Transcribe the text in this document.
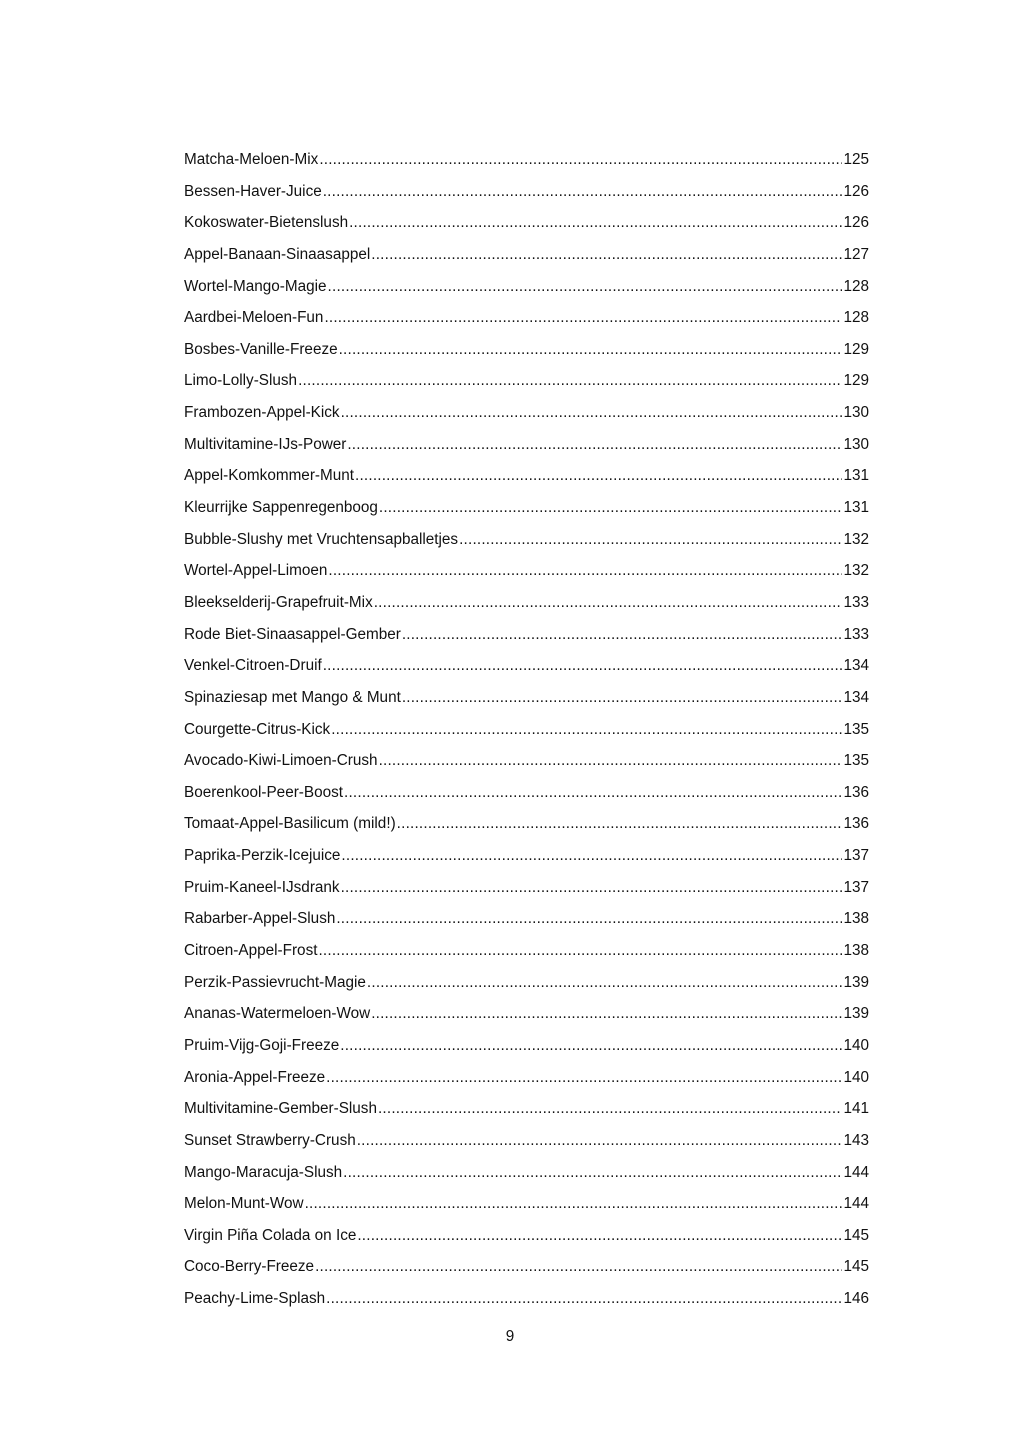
Matcha-Meloen-Mix .....	125
Bessen-Haver-Juice .....	126
Kokoswater-Bietenslush .....	126
Appel-Banaan-Sinaasappel .....	127
Wortel-Mango-Magie .....	128
Aardbei-Meloen-Fun .....	128
Bosbes-Vanille-Freeze .....	129
Limo-Lolly-Slush .....	129
Frambozen-Appel-Kick .....	130
Multivitamine-IJs-Power .....	130
Appel-Komkommer-Munt .....	131
Kleurrijke Sappenregenboog .....	131
Bubble-Slushy met Vruchtensapballetjes .....	132
Wortel-Appel-Limoen .....	132
Bleekselderij-Grapefruit-Mix .....	133
Rode Biet-Sinaasappel-Gember .....	133
Venkel-Citroen-Druif .....	134
Spinaziesap met Mango & Munt .....	134
Courgette-Citrus-Kick .....	135
Avocado-Kiwi-Limoen-Crush .....	135
Boerenkool-Peer-Boost .....	136
Tomaat-Appel-Basilicum (mild!) .....	136
Paprika-Perzik-Icejuice .....	137
Pruim-Kaneel-IJsdrank .....	137
Rabarber-Appel-Slush .....	138
Citroen-Appel-Frost .....	138
Perzik-Passievrucht-Magie .....	139
Ananas-Watermeloen-Wow .....	139
Pruim-Vijg-Goji-Freeze .....	140
Aronia-Appel-Freeze .....	140
Multivitamine-Gember-Slush .....	141
Sunset Strawberry-Crush .....	143
Mango-Maracuja-Slush .....	144
Melon-Munt-Wow .....	144
Virgin Piña Colada on Ice .....	145
Coco-Berry-Freeze .....	145
Peachy-Lime-Splash .....	146
9
